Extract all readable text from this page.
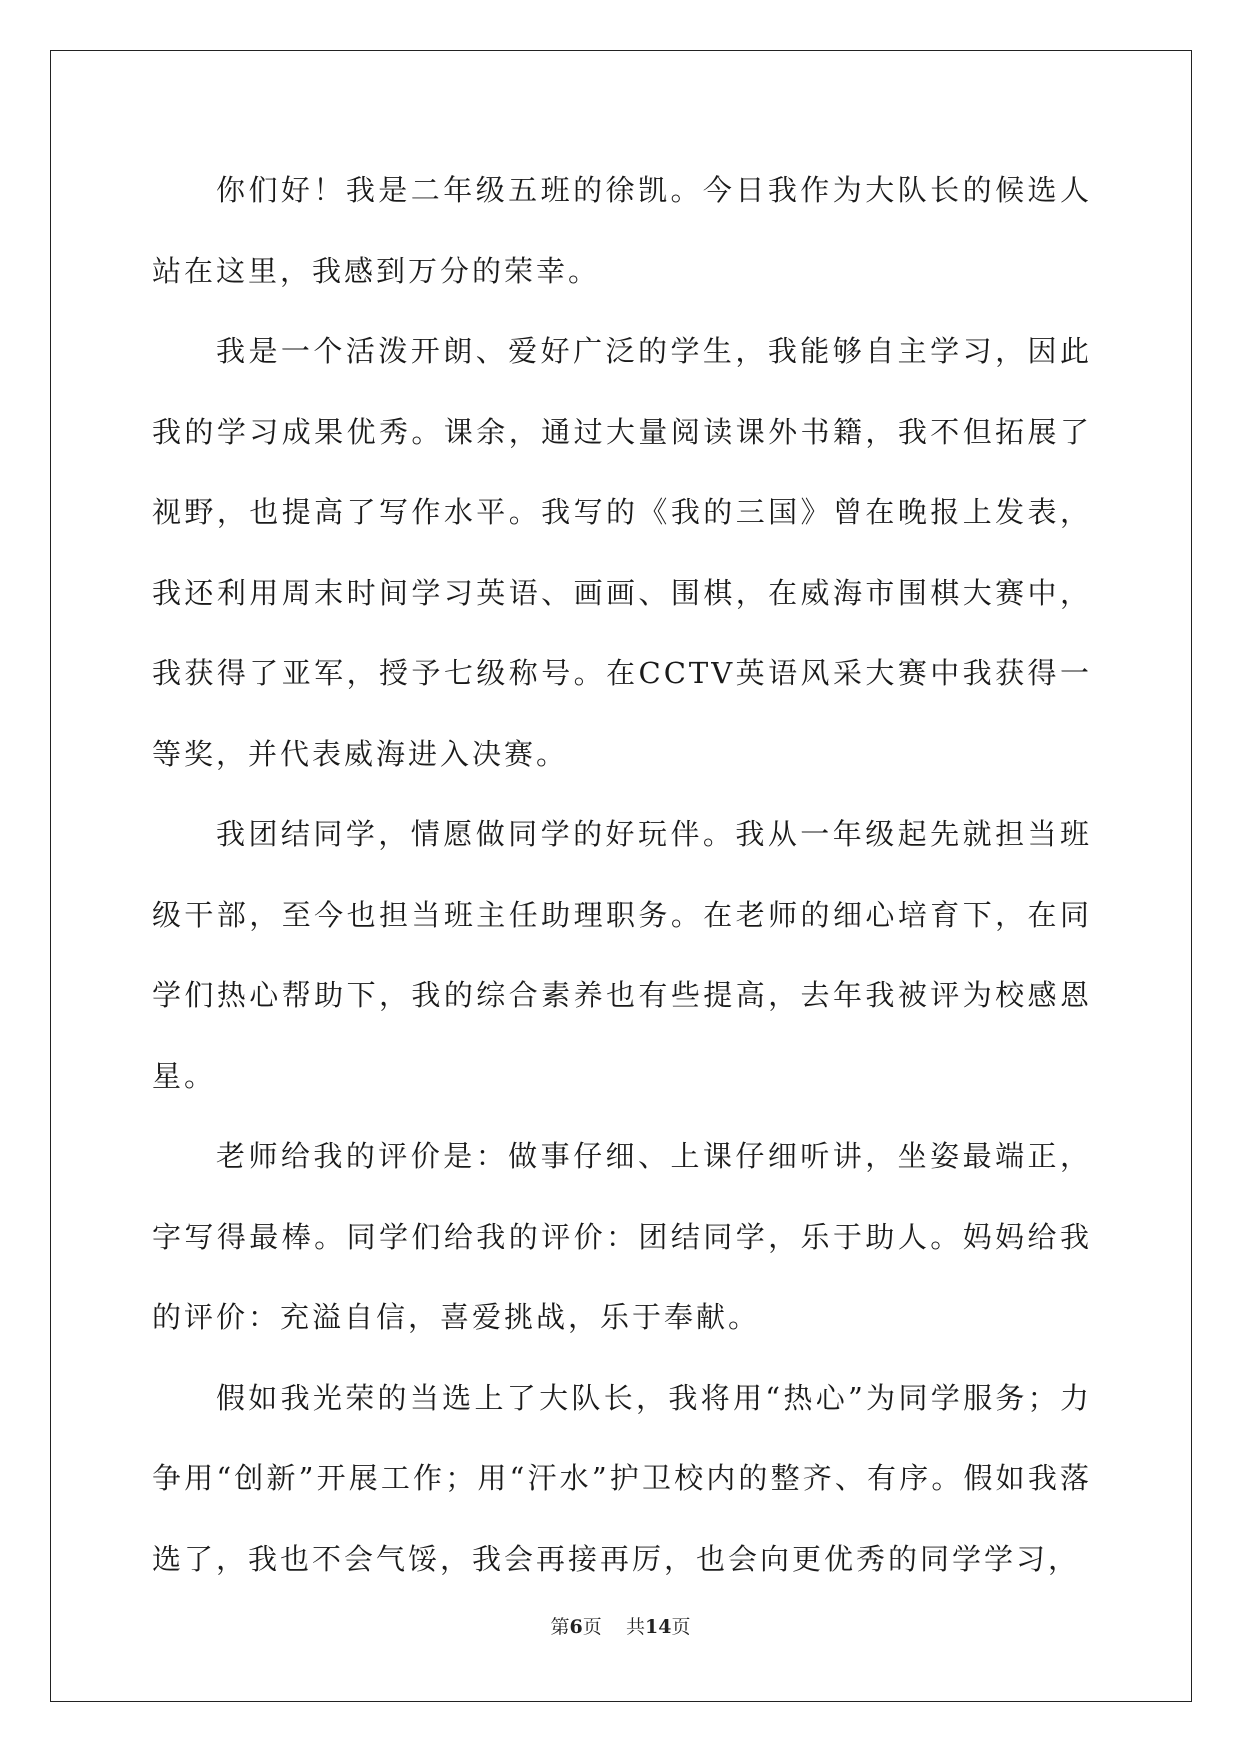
你们好！我是二年级五班的徐凯。今日我作为大队长的候选人站在这里，我感到万分的荣幸。

我是一个活泼开朗、爱好广泛的学生，我能够自主学习，因此我的学习成果优秀。课余，通过大量阅读课外书籍，我不但拓展了视野，也提高了写作水平。我写的《我的三国》曾在晚报上发表，我还利用周末时间学习英语、画画、围棋，在威海市围棋大赛中，我获得了亚军，授予七级称号。在CCTV英语风采大赛中我获得一等奖，并代表威海进入决赛。

我团结同学，情愿做同学的好玩伴。我从一年级起先就担当班级干部，至今也担当班主任助理职务。在老师的细心培育下，在同学们热心帮助下，我的综合素养也有些提高，去年我被评为校感恩星。

老师给我的评价是：做事仔细、上课仔细听讲，坐姿最端正，字写得最棒。同学们给我的评价：团结同学，乐于助人。妈妈给我的评价：充溢自信，喜爱挑战，乐于奉献。

假如我光荣的当选上了大队长，我将用“热心”为同学服务；力争用“创新”开展工作；用“汗水”护卫校内的整齐、有序。假如我落选了，我也不会气馁，我会再接再厉，也会向更优秀的同学学习，

第6页 共14页
